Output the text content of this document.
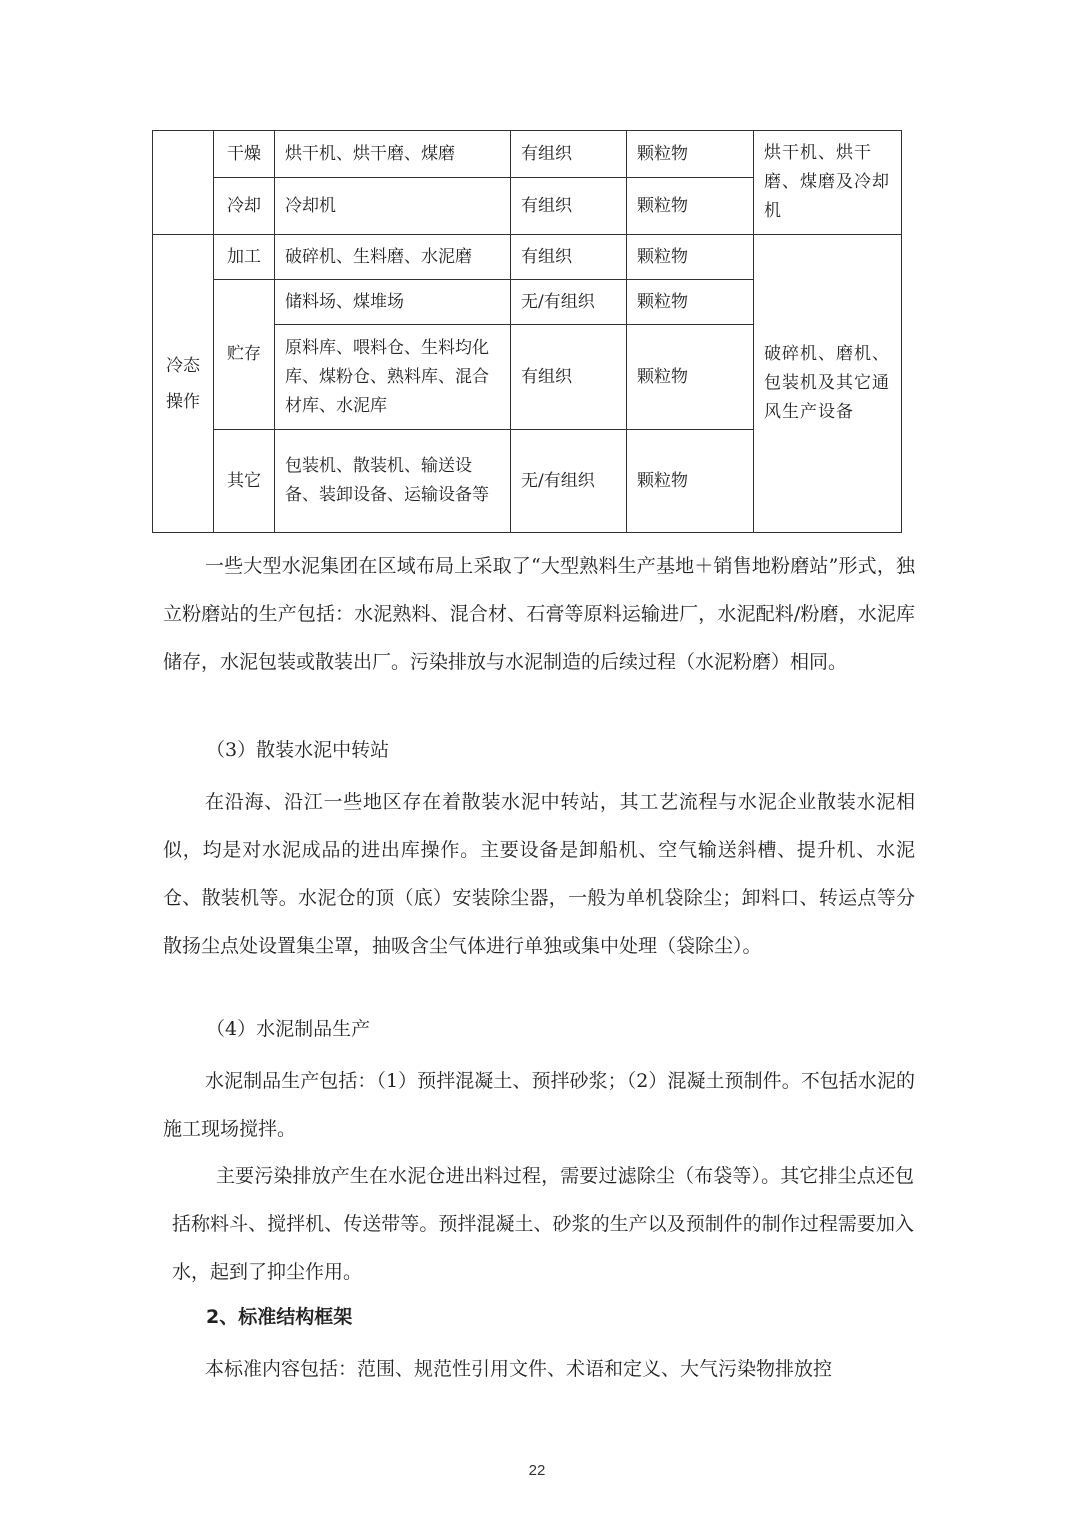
	干燥	烘干机、烘干磨、煤磨	有组织	颗粒物	烘干机、烘干磨、煤磨及冷却机
	冷却	冷却机	有组织	颗粒物	
冷态操作	加工	破碎机、生料磨、水泥磨	有组织	颗粒物	破碎机、磨机、包装机及其它通风生产设备
	贮存	储料场、煤堆场	无/有组织	颗粒物	
		原料库、喂料仓、生料均化库、煤粉仓、熟料库、混合材库、水泥库	有组织	颗粒物	
	其它	包装机、散装机、输送设备、装卸设备、运输设备等	无/有组织	颗粒物	

一些大型水泥集团在区域布局上采取了“大型熟料生产基地＋销售地粉磨站”形式，独立粉磨站的生产包括：水泥熟料、混合材、石膏等原料运输进厂，水泥配料/粉磨，水泥库储存，水泥包装或散装出厂。污染排放与水泥制造的后续过程（水泥粉磨）相同。

（3）散装水泥中转站

在沿海、沿江一些地区存在着散装水泥中转站，其工艺流程与水泥企业散装水泥相似，均是对水泥成品的进出库操作。主要设备是卸船机、空气输送斜槽、提升机、水泥仓、散装机等。水泥仓的顶（底）安装除尘器，一般为单机袋除尘；卸料口、转运点等分散扬尘点处设置集尘罩，抽吸含尘气体进行单独或集中处理（袋除尘）。

（4）水泥制品生产

水泥制品生产包括：（1）预拌混凝土、预拌砂浆；（2）混凝土预制件。不包括水泥的施工现场搅拌。

主要污染排放产生在水泥仓进出料过程，需要过滤除尘（布袋等）。其它排尘点还包括称料斗、搅拌机、传送带等。预拌混凝土、砂浆的生产以及预制件的制作过程需要加入水，起到了抑尘作用。

2、标准结构框架

本标准内容包括：范围、规范性引用文件、术语和定义、大气污染物排放控

22
